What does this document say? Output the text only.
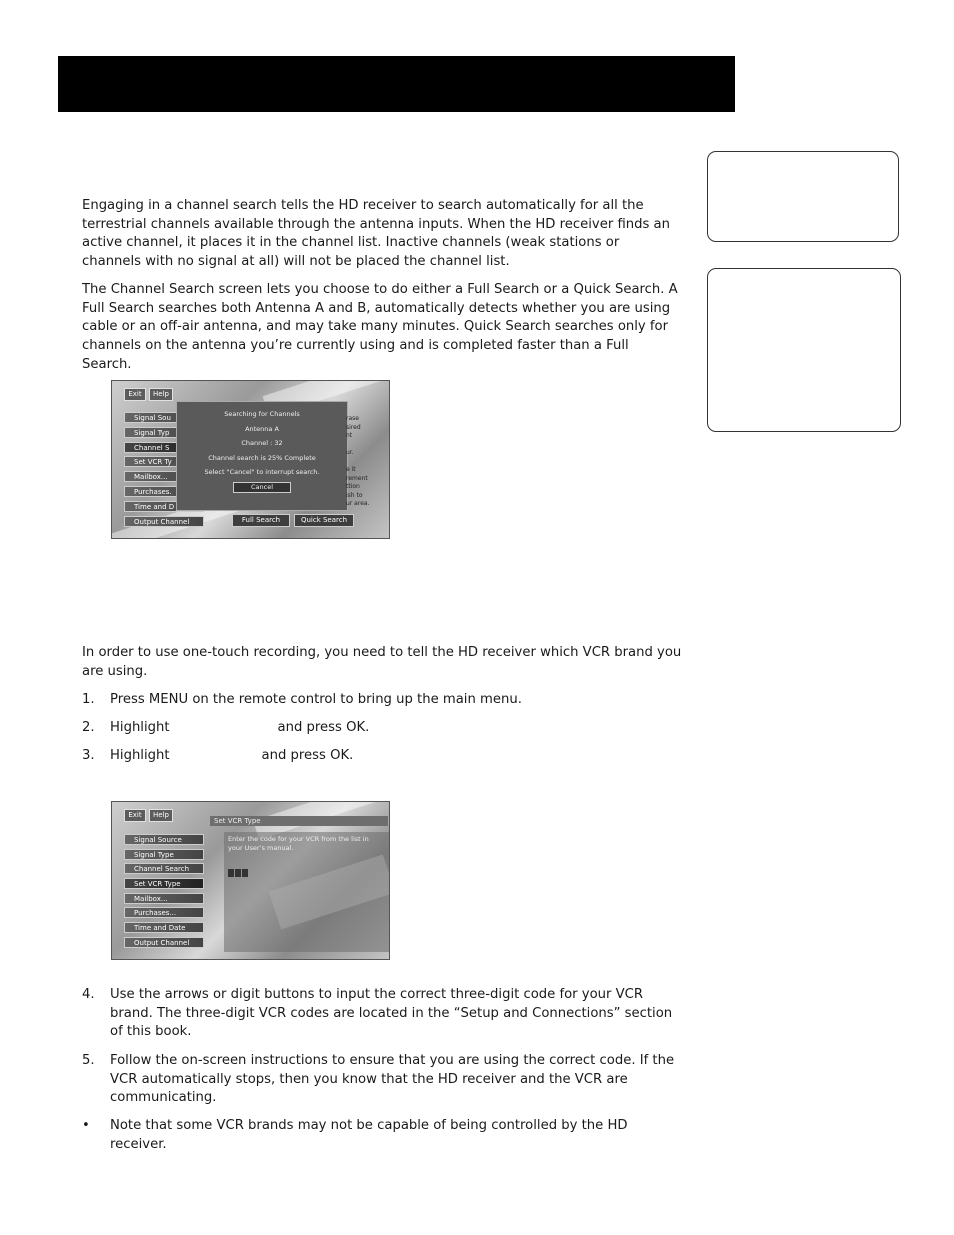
Engaging in a channel search tells the HD receiver to search automatically for all the terrestrial channels available through the antenna inputs. When the HD receiver finds an active channel, it places it in the channel list. Inactive channels (weak stations or channels with no signal at all) will not be placed the channel list.

The Channel Search screen lets you choose to do either a Full Search or a Quick Search. A Full Search searches both Antenna A and B, automatically detects whether you are using cable or an off-air antenna, and may take many minutes. Quick Search searches only for channels on the antenna you’re currently using and is completed faster than a Full Search.

Exit	Help
Signal Sou
Signal Typ
Channel S
Set VCR Ty
Mailbox...
Purchases.
Time and D
Output Channel
Searching for Channels
Antenna A
Channel : 32
Channel search is 25% Complete
Select "Cancel" to interrupt search.
Cancel
rase
sired
nt

ur.

e it
rement
ttion
ish to
ur area.
Full Search	Quick Search

In order to use one-touch recording, you need to tell the HD receiver which VCR brand you are using.

1. Press MENU on the remote control to bring up the main menu.
2. Highlight	and press OK.
3. Highlight	and press OK.
Exit	Help
Signal Source
Signal Type
Channel Search
Set VCR Type
Mailbox...
Purchases...
Time and Date
Output Channel
Set VCR Type
Enter the code for your VCR from the list in your User’s manual.
4. Use the arrows or digit buttons to input the correct three-digit code for your VCR brand. The three-digit VCR codes are located in the “Setup and Connections” section of this book.
5. Follow the on-screen instructions to ensure that you are using the correct code. If the VCR automatically stops, then you know that the HD receiver and the VCR are communicating.
• Note that some VCR brands may not be capable of being controlled by the HD receiver.
